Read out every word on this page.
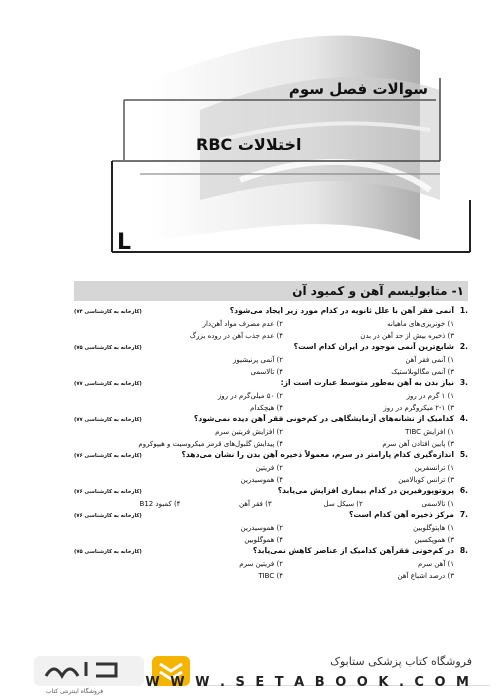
سوالات فصل سوم
اختلالات RBC
L
۱- متابولیسم آهن و کمبود آن
.1
آنمی فقر آهن با علل ثانویه در کدام مورد زیر ایجاد می‌شود؟
(کارخانه به کارشناسی ۷۴)
۱) خونریزی‌های ماهیانه
۲) عدم مصرف مواد آهن‌دار
۳) ذخیره بیش از حد آهن در بدن
۴) عدم جذب آهن در روده بزرگ
.2
شایع‌ترین آنمی موجود در ایران کدام است؟
(کارخانه به کارشناسی ۷۵)
۱) آنمی فقر آهن
۲) آنمی پرنیشیوز
۳) آنمی مگالوبلاستیک
۴) تالاسمی
.3
نیاز بدن به آهن به‌طور متوسط عبارت است از:
(کارخانه به کارشناسی ۷۷)
۱) ۱ گرم در روز
۲) ۵۰ میلی‌گرم در روز
۳) ۲-۱ میکروگرم در روز
۴) هیچکدام
.4
کدامیک از نشانه‌های آزمایشگاهی در کم‌خونی فقر آهن دیده نمی‌شود؟
(کارخانه به کارشناسی ۷۷)
۱) افزایش TIBC
۲) افزایش فریتین سرم
۳) پایین افتادن آهن سرم
۴) پیدایش گلبول‌های قرمز میکروسیت و هیپوکروم
.5
اندازه‌گیری کدام پارامتر در سرم، معمولاً ذخیره آهن بدن را نشان می‌دهد؟
(کارخانه به کارشناسی ۷۶)
۱) ترانسفرین
۲) فریتین
۳) ترانس کوبالامین
۴) هموسیدرین
.6
پروتوپورفیرین در کدام بیماری افزایش می‌یابد؟
(کارخانه به کارشناسی ۷۶)
۱) تالاسمی
۲) سیکل سل
۳) فقر آهن
۴) کمبود B12
.7
مرکز ذخیره آهن کدام است؟
(کارخانه به کارشناسی ۷۶)
۱) هاپتوگلوبین
۲) هموسیدرین
۳) هموپکسین
۴) هموگلوبین
.8
در کم‌خونی فقرآهن کدامیک از عناصر کاهش نمی‌یابد؟
(کارخانه به کارشناسی ۷۵)
۱) آهن سرم
۲) فریتین سرم
۳) درصد اشباع آهن
۴) TIBC
فروشگاه اینترنتی کتاب
فروشگاه کتاب پزشکی ستابوک
W W W . S E T A B O O K . C O M
